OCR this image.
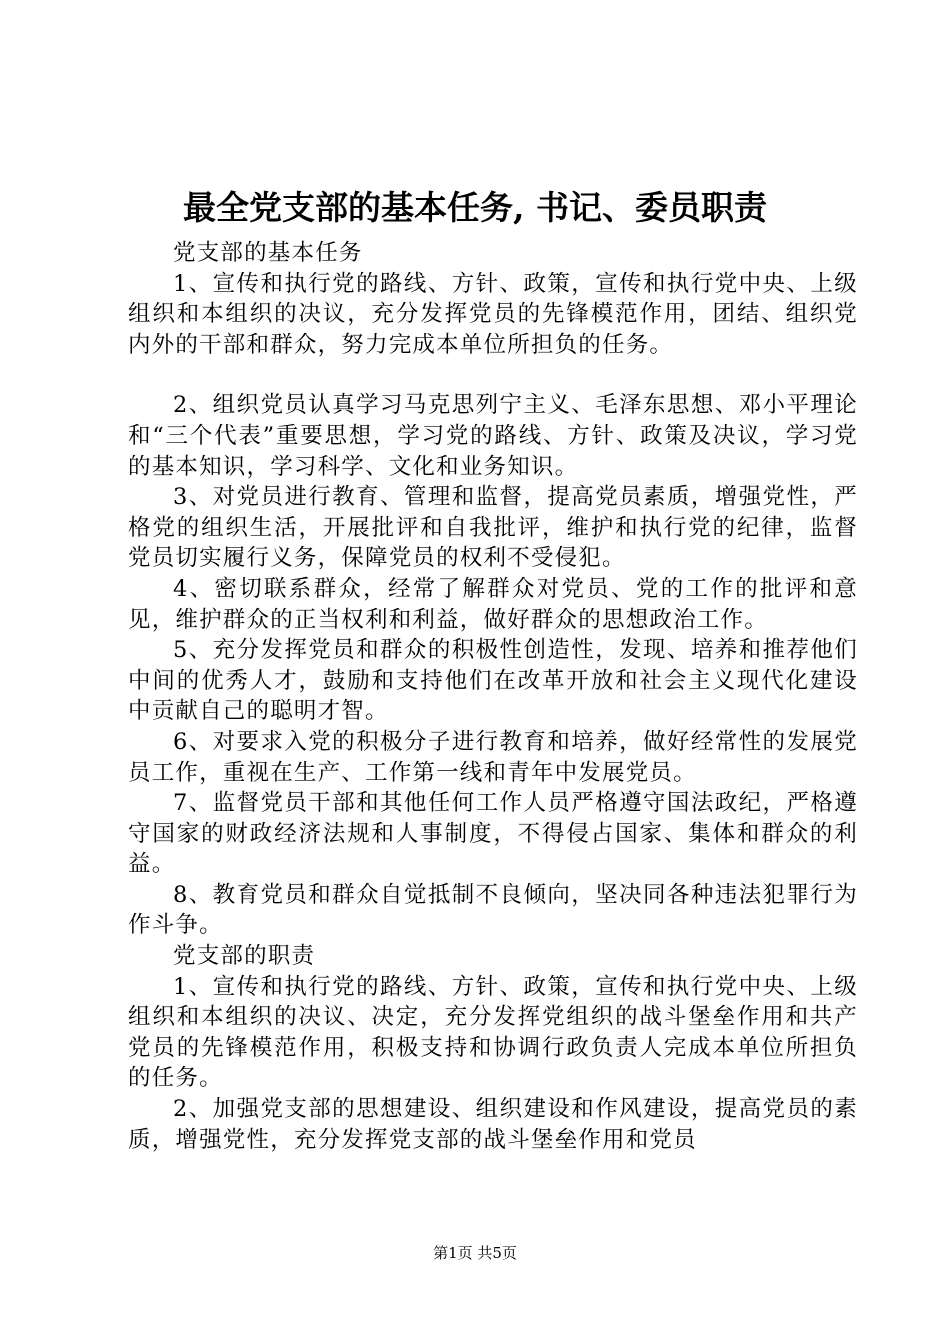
最全党支部的基本任务, 书记、委员职责

党支部的基本任务

1、宣传和执行党的路线、方针、政策，宣传和执行党中央、上级组织和本组织的决议，充分发挥党员的先锋模范作用，团结、组织党内外的干部和群众，努力完成本单位所担负的任务。

2、组织党员认真学习马克思列宁主义、毛泽东思想、邓小平理论和“三个代表”重要思想，学习党的路线、方针、政策及决议，学习党的基本知识，学习科学、文化和业务知识。

3、对党员进行教育、管理和监督，提高党员素质，增强党性，严格党的组织生活，开展批评和自我批评，维护和执行党的纪律，监督党员切实履行义务，保障党员的权利不受侵犯。

4、密切联系群众，经常了解群众对党员、党的工作的批评和意见，维护群众的正当权利和利益，做好群众的思想政治工作。

5、充分发挥党员和群众的积极性创造性，发现、培养和推荐他们中间的优秀人才，鼓励和支持他们在改革开放和社会主义现代化建设中贡献自己的聪明才智。

6、对要求入党的积极分子进行教育和培养，做好经常性的发展党员工作，重视在生产、工作第一线和青年中发展党员。

7、监督党员干部和其他任何工作人员严格遵守国法政纪，严格遵守国家的财政经济法规和人事制度，不得侵占国家、集体和群众的利益。

8、教育党员和群众自觉抵制不良倾向，坚决同各种违法犯罪行为作斗争。

党支部的职责

1、宣传和执行党的路线、方针、政策，宣传和执行党中央、上级组织和本组织的决议、决定，充分发挥党组织的战斗堡垒作用和共产党员的先锋模范作用，积极支持和协调行政负责人完成本单位所担负的任务。

2、加强党支部的思想建设、组织建设和作风建设，提高党员的素质，增强党性，充分发挥党支部的战斗堡垒作用和党员

第1页 共5页
